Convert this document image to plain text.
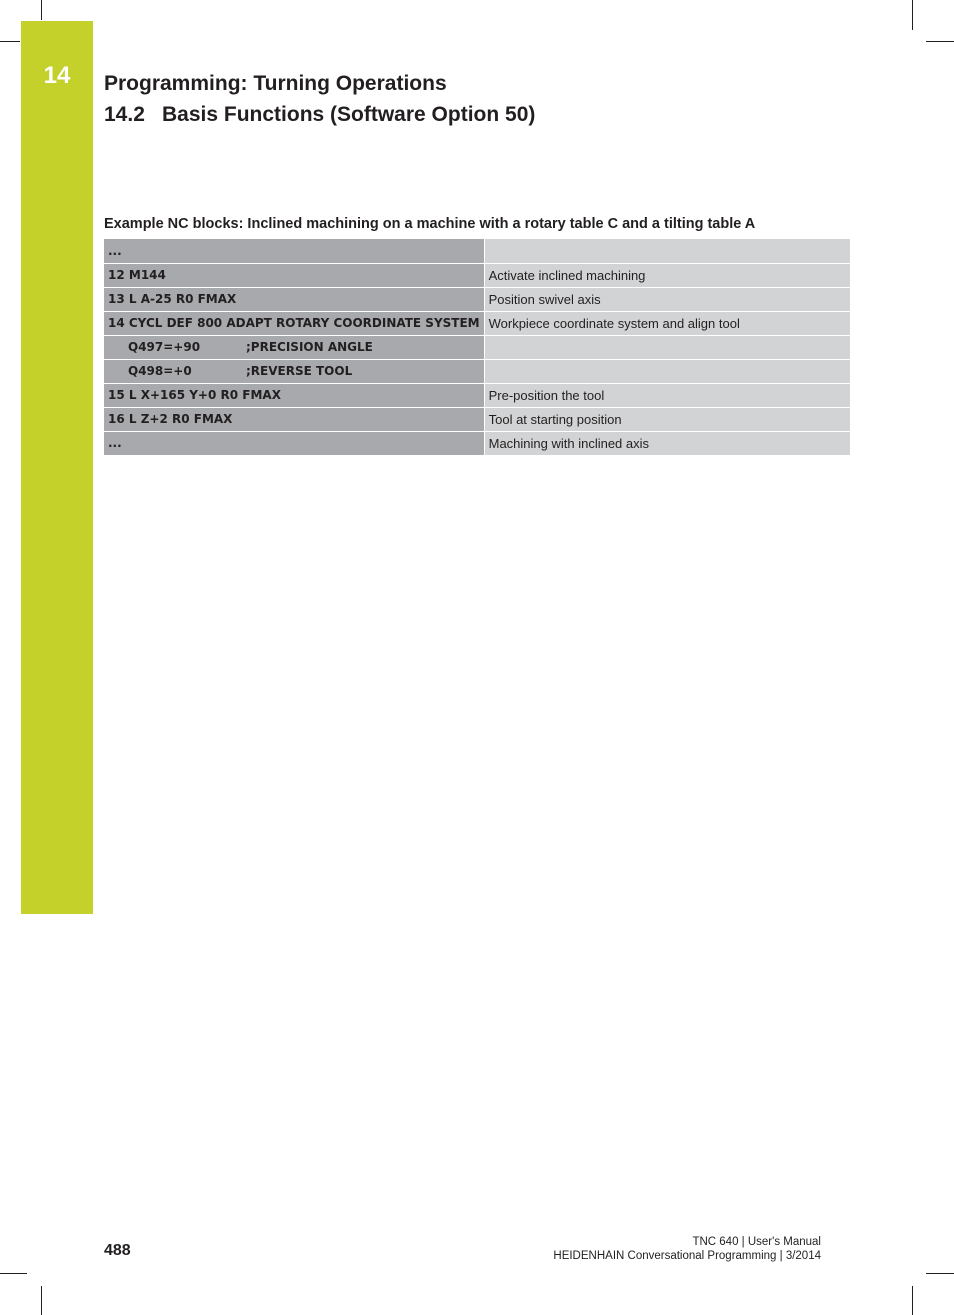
14	Programming: Turning Operations
14.2 Basis Functions (Software Option 50)
Example NC blocks: Inclined machining on a machine with a rotary table C and a tilting table A
...	
12 M144	Activate inclined machining
13 L A-25 R0 FMAX	Position swivel axis
14 CYCL DEF 800 ADAPT ROTARY COORDINATE SYSTEM	Workpiece coordinate system and align tool
Q497=+90 ;PRECISION ANGLE	
Q498=+0 ;REVERSE TOOL	
15 L X+165 Y+0 R0 FMAX	Pre-position the tool
16 L Z+2 R0 FMAX	Tool at starting position
...	Machining with inclined axis
488	TNC 640 | User's Manual
HEIDENHAIN Conversational Programming | 3/2014
